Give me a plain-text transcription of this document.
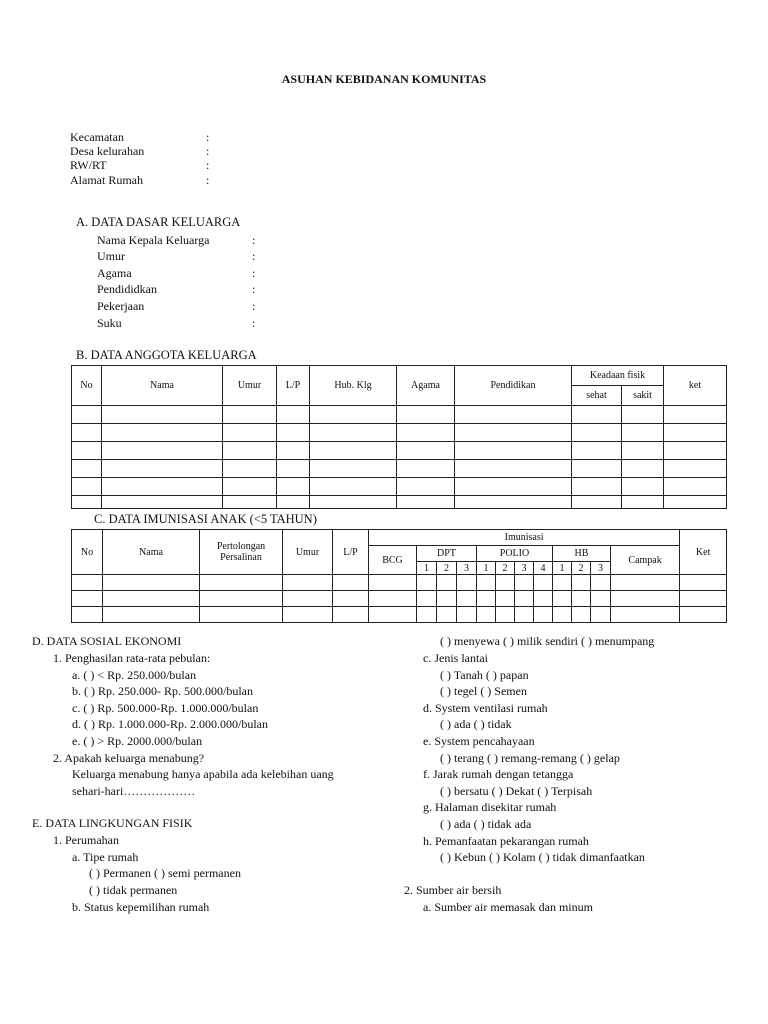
ASUHAN KEBIDANAN KOMUNITAS
Kecamatan	:
Desa kelurahan	:
RW/RT	:
Alamat Rumah	:
A. DATA DASAR KELUARGA
Nama Kepala Keluarga	:
Umur	:
Agama	:
Pendididkan	:
Pekerjaan	:
Suku	:
B. DATA ANGGOTA KELUARGA
No	Nama	Umur	L/P	Hub. Klg	Agama	Pendidikan	Keadaan fisik		ket
							sehat	sakit	

C. DATA IMUNISASI ANAK (<5 TAHUN)
No	Nama	Pertolongan Persalinan	Umur	L/P	Imunisasi												Ket
					BCG	DPT			POLIO				HB			Campak	
						1	2	3	1	2	3	4	1	2	3		

D. DATA SOSIAL EKONOMI
1. Penghasilan rata-rata pebulan:
a. ( ) < Rp. 250.000/bulan
b. ( ) Rp. 250.000- Rp. 500.000/bulan
c. ( ) Rp. 500.000-Rp. 1.000.000/bulan
d. ( ) Rp. 1.000.000-Rp. 2.000.000/bulan
e. ( ) > Rp. 2000.000/bulan
2. Apakah keluarga menabung?
Keluarga menabung hanya apabila ada kelebihan uang
sehari-hari………………
E. DATA LINGKUNGAN FISIK
1. Perumahan
a. Tipe rumah
( ) Permanen ( ) semi permanen
( ) tidak permanen
b. Status kepemilihan rumah
( ) menyewa ( ) milik sendiri ( ) menumpang
c. Jenis lantai
( ) Tanah ( ) papan
( ) tegel ( ) Semen
d. System ventilasi rumah
( ) ada ( ) tidak
e. System pencahayaan
( ) terang ( ) remang-remang ( ) gelap
f. Jarak rumah dengan tetangga
( ) bersatu ( ) Dekat ( ) Terpisah
g. Halaman disekitar rumah
( ) ada ( ) tidak ada
h. Pemanfaatan pekarangan rumah
( ) Kebun ( ) Kolam ( ) tidak dimanfaatkan
2. Sumber air bersih
a. Sumber air memasak dan minum
